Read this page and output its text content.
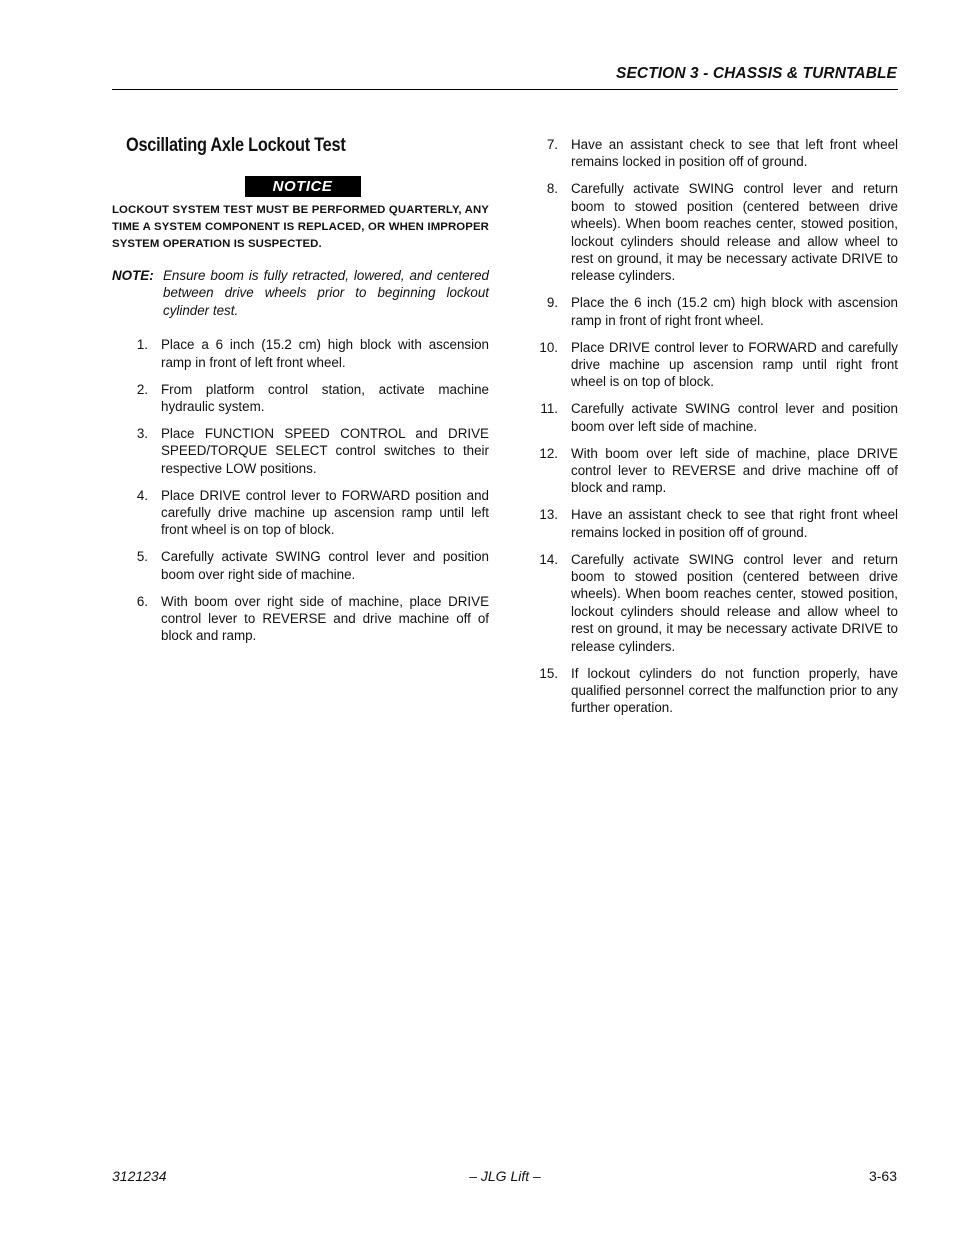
SECTION 3 - CHASSIS & TURNTABLE
Oscillating Axle Lockout Test
NOTICE
LOCKOUT SYSTEM TEST MUST BE PERFORMED QUARTERLY, ANY TIME A SYSTEM COMPONENT IS REPLACED, OR WHEN IMPROPER SYSTEM OPERATION IS SUSPECTED.
NOTE: Ensure boom is fully retracted, lowered, and centered between drive wheels prior to beginning lockout cylinder test.
1. Place a 6 inch (15.2 cm) high block with ascension ramp in front of left front wheel.
2. From platform control station, activate machine hydraulic system.
3. Place FUNCTION SPEED CONTROL and DRIVE SPEED/TORQUE SELECT control switches to their respective LOW positions.
4. Place DRIVE control lever to FORWARD position and carefully drive machine up ascension ramp until left front wheel is on top of block.
5. Carefully activate SWING control lever and position boom over right side of machine.
6. With boom over right side of machine, place DRIVE control lever to REVERSE and drive machine off of block and ramp.
7. Have an assistant check to see that left front wheel remains locked in position off of ground.
8. Carefully activate SWING control lever and return boom to stowed position (centered between drive wheels). When boom reaches center, stowed position, lockout cylinders should release and allow wheel to rest on ground, it may be necessary activate DRIVE to release cylinders.
9. Place the 6 inch (15.2 cm) high block with ascension ramp in front of right front wheel.
10. Place DRIVE control lever to FORWARD and carefully drive machine up ascension ramp until right front wheel is on top of block.
11. Carefully activate SWING control lever and position boom over left side of machine.
12. With boom over left side of machine, place DRIVE control lever to REVERSE and drive machine off of block and ramp.
13. Have an assistant check to see that right front wheel remains locked in position off of ground.
14. Carefully activate SWING control lever and return boom to stowed position (centered between drive wheels). When boom reaches center, stowed position, lockout cylinders should release and allow wheel to rest on ground, it may be necessary activate DRIVE to release cylinders.
15. If lockout cylinders do not function properly, have qualified personnel correct the malfunction prior to any further operation.
3121234	– JLG Lift –	3-63
